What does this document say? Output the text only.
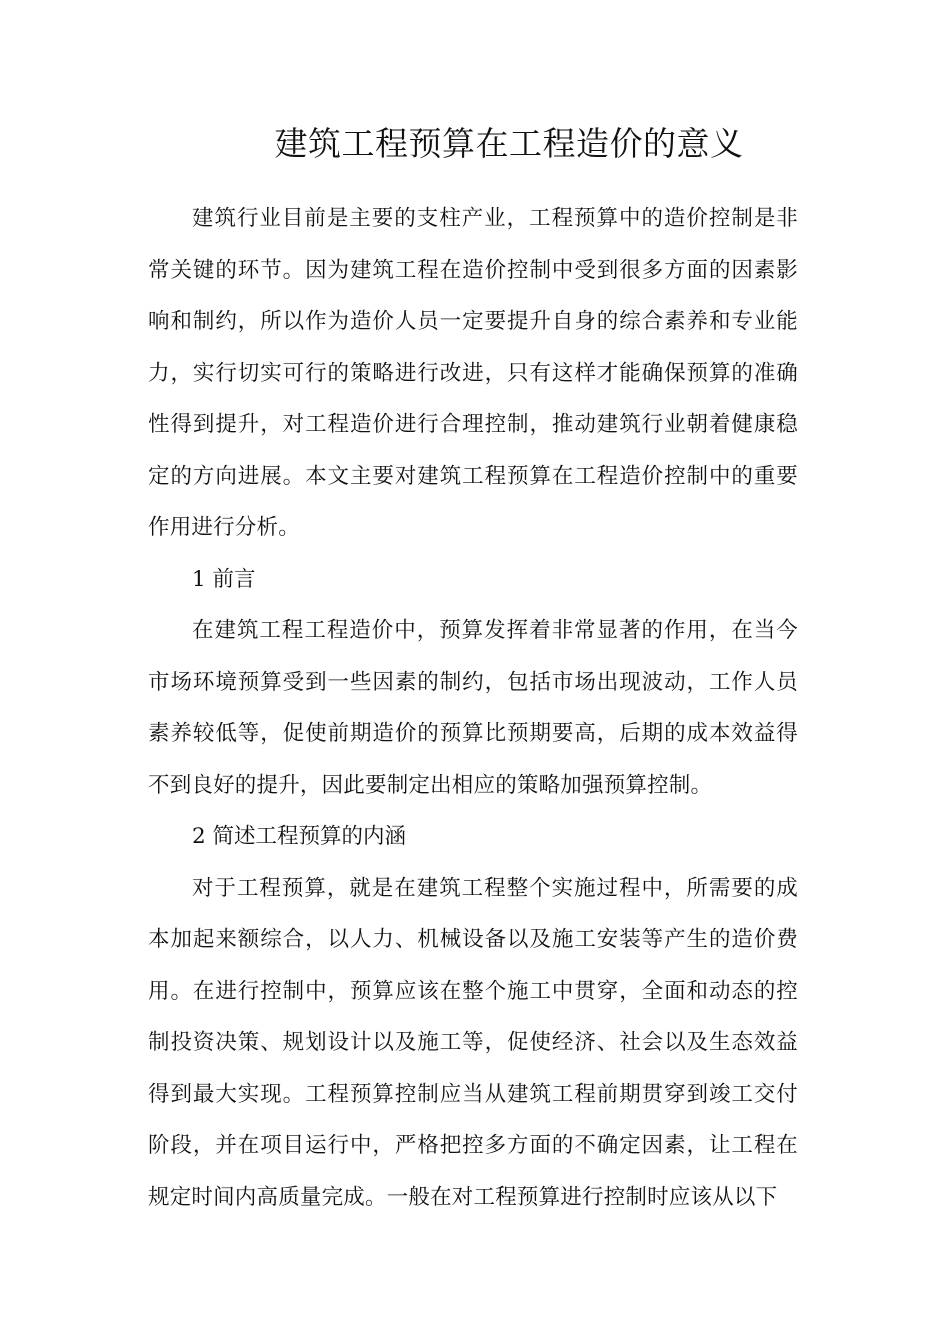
建筑工程预算在工程造价的意义

建筑行业目前是主要的支柱产业，工程预算中的造价控制是非常关键的环节。因为建筑工程在造价控制中受到很多方面的因素影响和制约，所以作为造价人员一定要提升自身的综合素养和专业能力，实行切实可行的策略进行改进，只有这样才能确保预算的准确性得到提升，对工程造价进行合理控制，推动建筑行业朝着健康稳定的方向进展。本文主要对建筑工程预算在工程造价控制中的重要作用进行分析。

1 前言

在建筑工程工程造价中，预算发挥着非常显著的作用，在当今市场环境预算受到一些因素的制约，包括市场出现波动，工作人员素养较低等，促使前期造价的预算比预期要高，后期的成本效益得不到良好的提升，因此要制定出相应的策略加强预算控制。

2 简述工程预算的内涵

对于工程预算，就是在建筑工程整个实施过程中，所需要的成本加起来额综合，以人力、机械设备以及施工安装等产生的造价费用。在进行控制中，预算应该在整个施工中贯穿，全面和动态的控制投资决策、规划设计以及施工等，促使经济、社会以及生态效益得到最大实现。工程预算控制应当从建筑工程前期贯穿到竣工交付阶段，并在项目运行中，严格把控多方面的不确定因素，让工程在规定时间内高质量完成。一般在对工程预算进行控制时应该从以下
